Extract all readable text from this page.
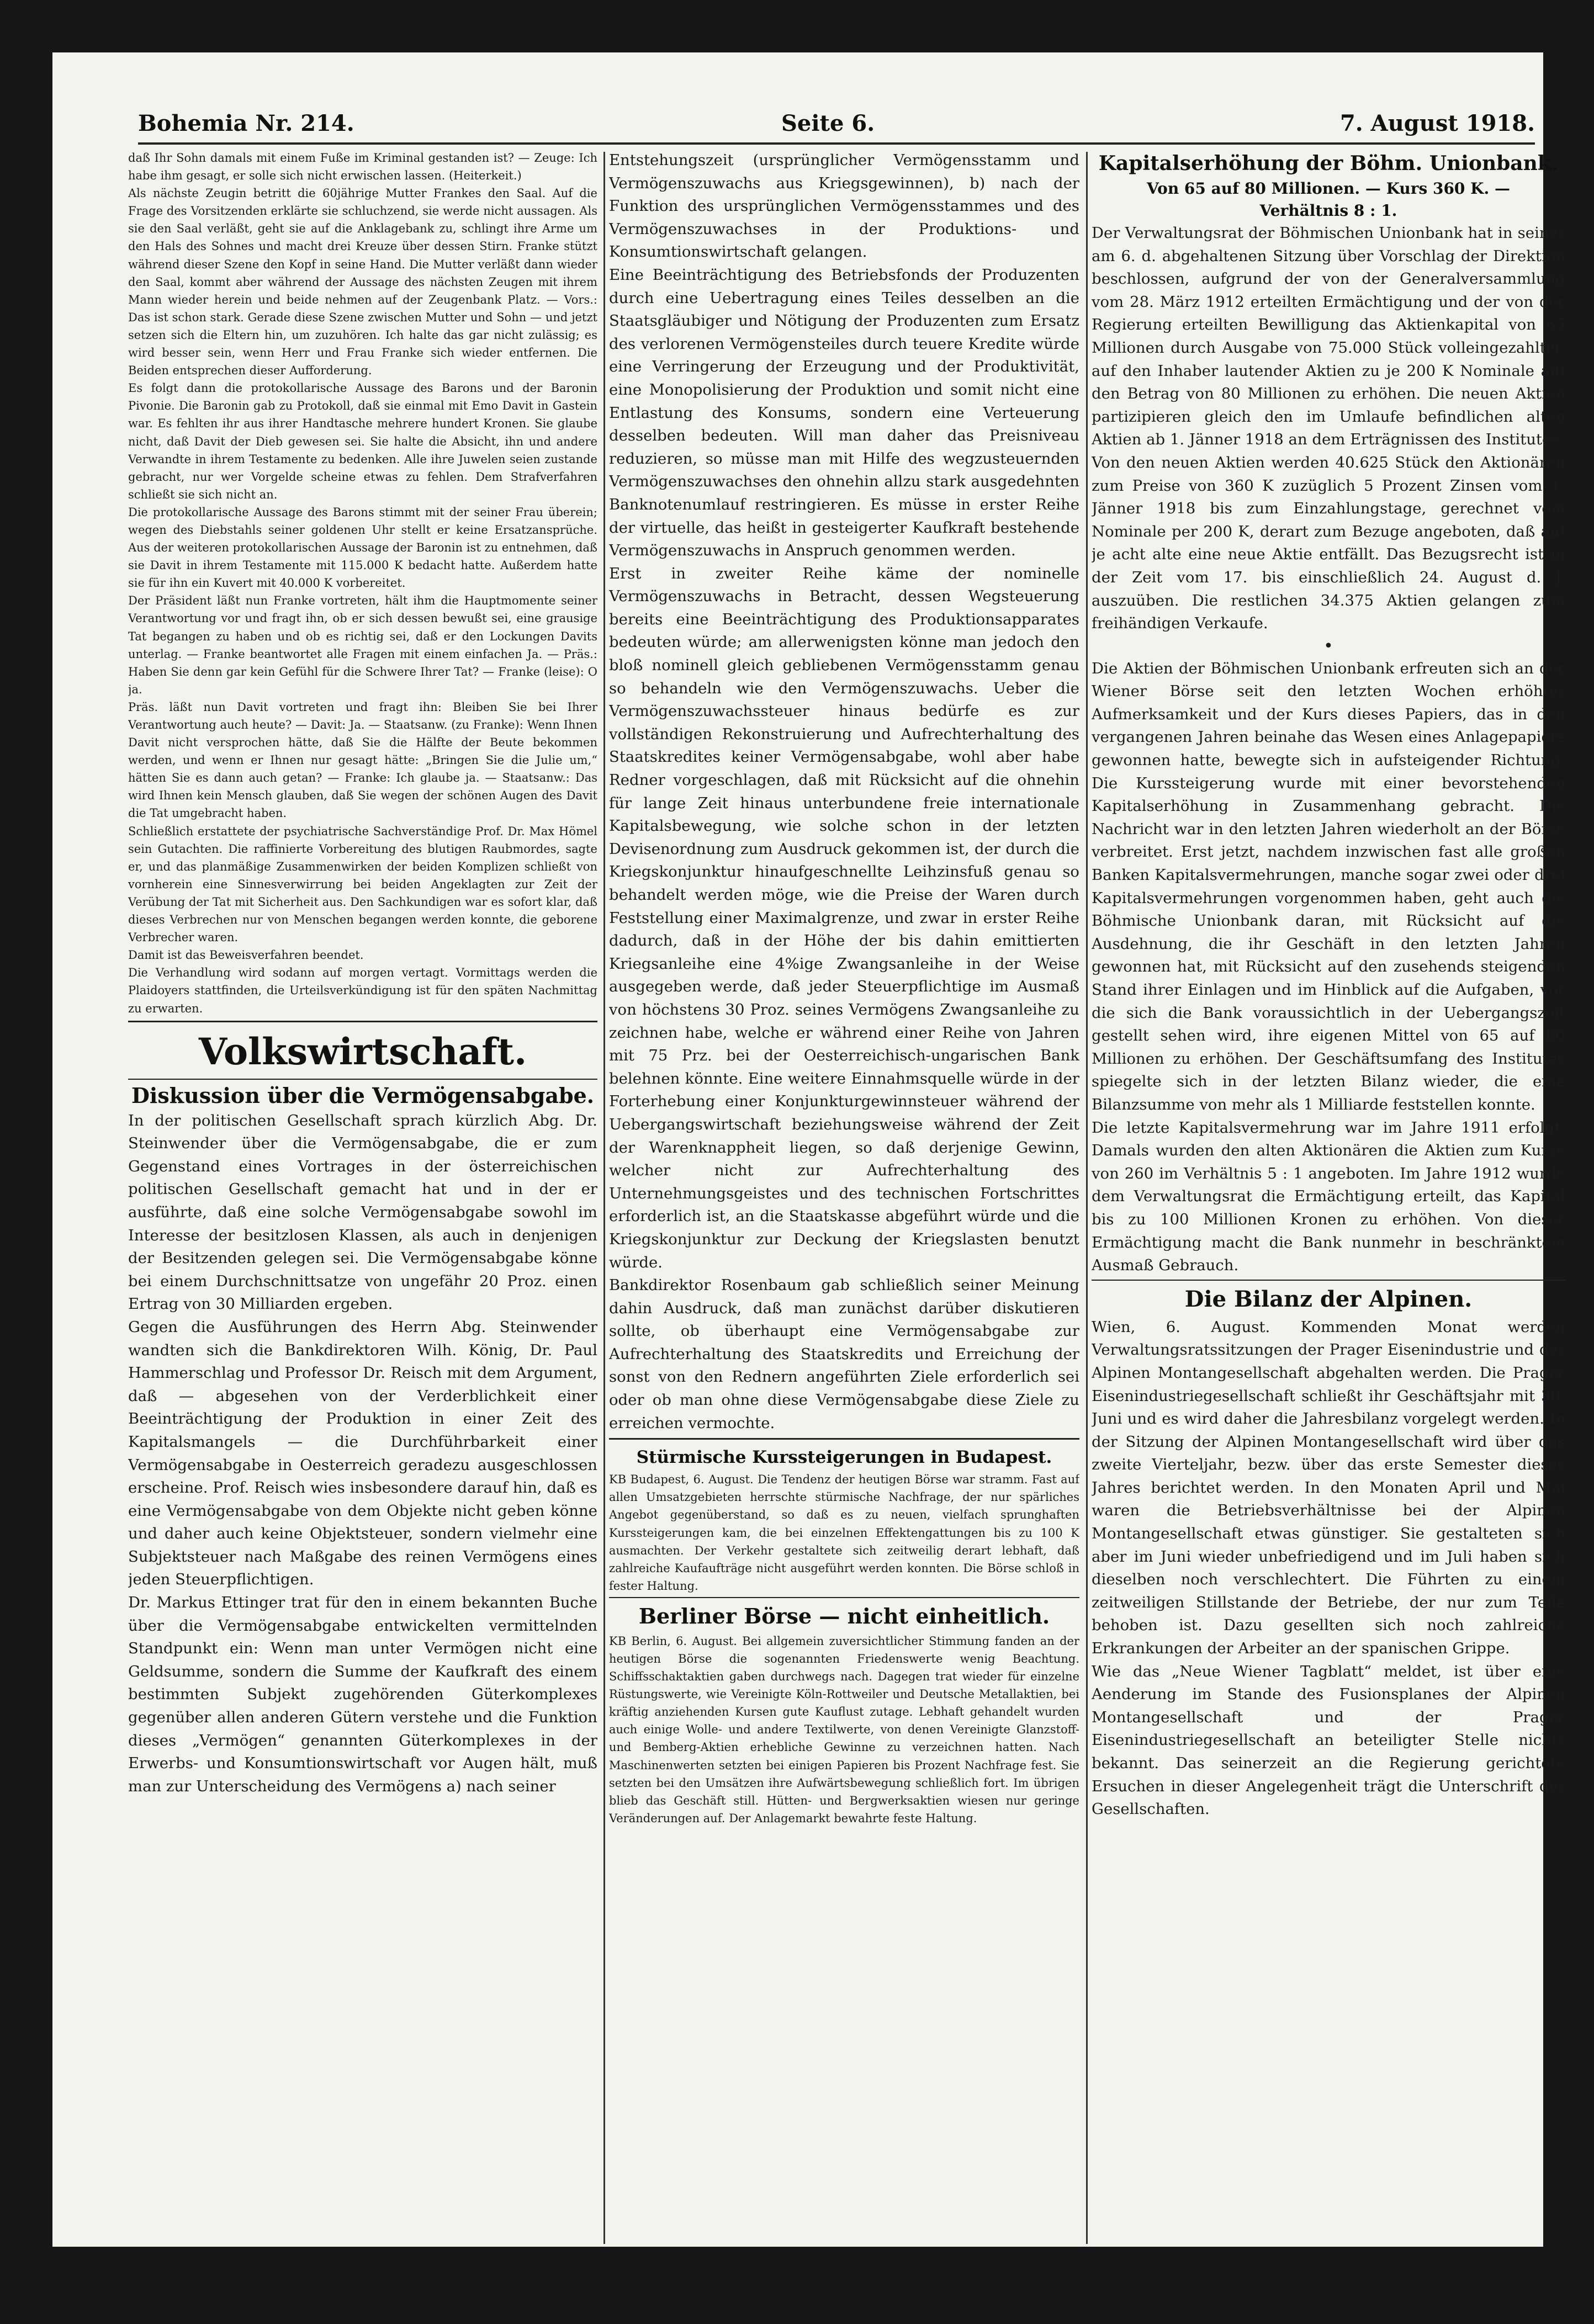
Bohemia Nr. 214.	Seite 6.	7. August 1918.

daß Ihr Sohn damals mit einem Fuße im Kriminal gestanden ist? — Zeuge: Ich habe ihm gesagt, er solle sich nicht erwischen lassen. (Heiterkeit.)
Als nächste Zeugin betritt die 60jährige Mutter Frankes den Saal. Auf die Frage des Vorsitzenden erklärte sie schluchzend, sie werde nicht aussagen. Als sie den Saal verläßt, geht sie auf die Anklagebank zu, schlingt ihre Arme um den Hals des Sohnes und macht drei Kreuze über dessen Stirn. Franke stützt während dieser Szene den Kopf in seine Hand. Die Mutter verläßt dann wieder den Saal, kommt aber während der Aussage des nächsten Zeugen mit ihrem Mann wieder herein und beide nehmen auf der Zeugenbank Platz. — Vors.: Das ist schon stark. Gerade diese Szene zwischen Mutter und Sohn — und jetzt setzen sich die Eltern hin, um zuzuhören. Ich halte das gar nicht zulässig; es wird besser sein, wenn Herr und Frau Franke sich wieder entfernen. Die Beiden entsprechen dieser Aufforderung.
Es folgt dann die protokollarische Aussage des Barons und der Baronin Pivonie. Die Baronin gab zu Protokoll, daß sie einmal mit Emo Davit in Gastein war. Es fehlten ihr aus ihrer Handtasche mehrere hundert Kronen. Sie glaube nicht, daß Davit der Dieb gewesen sei. Sie halte die Absicht, ihn und andere Verwandte in ihrem Testamente zu bedenken. Alle ihre Juwelen seien zustande gebracht, nur wer Vorgelde scheine etwas zu fehlen. Dem Strafverfahren schließt sie sich nicht an.
Die protokollarische Aussage des Barons stimmt mit der seiner Frau überein; wegen des Diebstahls seiner goldenen Uhr stellt er keine Ersatzansprüche. Aus der weiteren protokollarischen Aussage der Baronin ist zu entnehmen, daß sie Davit in ihrem Testamente mit 115.000 K bedacht hatte. Außerdem hatte sie für ihn ein Kuvert mit 40.000 K vorbereitet.
Der Präsident läßt nun Franke vortreten, hält ihm die Hauptmomente seiner Verantwortung vor und fragt ihn, ob er sich dessen bewußt sei, eine grausige Tat begangen zu haben und ob es richtig sei, daß er den Lockungen Davits unterlag. — Franke beantwortet alle Fragen mit einem einfachen Ja. — Präs.: Haben Sie denn gar kein Gefühl für die Schwere Ihrer Tat? — Franke (leise): O ja.
Präs. läßt nun Davit vortreten und fragt ihn: Bleiben Sie bei Ihrer Verantwortung auch heute? — Davit: Ja. — Staatsanw. (zu Franke): Wenn Ihnen Davit nicht versprochen hätte, daß Sie die Hälfte der Beute bekommen werden, und wenn er Ihnen nur gesagt hätte: „Bringen Sie die Julie um,“ hätten Sie es dann auch getan? — Franke: Ich glaube ja. — Staatsanw.: Das wird Ihnen kein Mensch glauben, daß Sie wegen der schönen Augen des Davit die Tat umgebracht haben.
Schließlich erstattete der psychiatrische Sachverständige Prof. Dr. Max Hömel sein Gutachten. Die raffinierte Vorbereitung des blutigen Raubmordes, sagte er, und das planmäßige Zusammenwirken der beiden Komplizen schließt von vornherein eine Sinnesverwirrung bei beiden Angeklagten zur Zeit der Verübung der Tat mit Sicherheit aus. Den Sachkundigen war es sofort klar, daß dieses Verbrechen nur von Menschen begangen werden konnte, die geborene Verbrecher waren.
Damit ist das Beweisverfahren beendet.
Die Verhandlung wird sodann auf morgen vertagt. Vormittags werden die Plaidoyers stattfinden, die Urteilsverkündigung ist für den späten Nachmittag zu erwarten.

Volkswirtschaft.

Diskussion über die Vermögensabgabe.

In der politischen Gesellschaft sprach kürzlich Abg. Dr. Steinwender über die Vermögensabgabe, die er zum Gegenstand eines Vortrages in der österreichischen politischen Gesellschaft gemacht hat und in der er ausführte, daß eine solche Vermögensabgabe sowohl im Interesse der besitzlosen Klassen, als auch in denjenigen der Besitzenden gelegen sei. Die Vermögensabgabe könne bei einem Durchschnittsatze von ungefähr 20 Proz. einen Ertrag von 30 Milliarden ergeben.
Gegen die Ausführungen des Herrn Abg. Steinwender wandten sich die Bankdirektoren Wilh. König, Dr. Paul Hammerschlag und Professor Dr. Reisch mit dem Argument, daß — abgesehen von der Verderblichkeit einer Beeinträchtigung der Produktion in einer Zeit des Kapitalsmangels — die Durchführbarkeit einer Vermögensabgabe in Oesterreich geradezu ausgeschlossen erscheine. Prof. Reisch wies insbesondere darauf hin, daß es eine Vermögensabgabe von dem Objekte nicht geben könne und daher auch keine Objektsteuer, sondern vielmehr eine Subjektsteuer nach Maßgabe des reinen Vermögens eines jeden Steuerpflichtigen.
Dr. Markus Ettinger trat für den in einem bekannten Buche über die Vermögensabgabe entwickelten vermittelnden Standpunkt ein: Wenn man unter Vermögen nicht eine Geldsumme, sondern die Summe der Kaufkraft des einem bestimmten Subjekt zugehörenden Güterkomplexes gegenüber allen anderen Gütern verstehe und die Funktion dieses „Vermögen“ genannten Güterkomplexes in der Erwerbs- und Konsumtionswirtschaft vor Augen hält, muß man zur Unterscheidung des Vermögens a) nach seiner

Entstehungszeit (ursprünglicher Vermögensstamm und Vermögenszuwachs aus Kriegsgewinnen), b) nach der Funktion des ursprünglichen Vermögensstammes und des Vermögenszuwachses in der Produktions- und Konsumtionswirtschaft gelangen.
Eine Beeinträchtigung des Betriebsfonds der Produzenten durch eine Uebertragung eines Teiles desselben an die Staatsgläubiger und Nötigung der Produzenten zum Ersatz des verlorenen Vermögensteiles durch teuere Kredite würde eine Verringerung der Erzeugung und der Produktivität, eine Monopolisierung der Produktion und somit nicht eine Entlastung des Konsums, sondern eine Verteuerung desselben bedeuten. Will man daher das Preisniveau reduzieren, so müsse man mit Hilfe des wegzusteuernden Vermögenszuwachses den ohnehin allzu stark ausgedehnten Banknotenumlauf restringieren. Es müsse in erster Reihe der virtuelle, das heißt in gesteigerter Kaufkraft bestehende Vermögenszuwachs in Anspruch genommen werden.
Erst in zweiter Reihe käme der nominelle Vermögenszuwachs in Betracht, dessen Wegsteuerung bereits eine Beeinträchtigung des Produktionsapparates bedeuten würde; am allerwenigsten könne man jedoch den bloß nominell gleich gebliebenen Vermögensstamm genau so behandeln wie den Vermögenszuwachs. Ueber die Vermögenszuwachssteuer hinaus bedürfe es zur vollständigen Rekonstruierung und Aufrechterhaltung des Staatskredites keiner Vermögensabgabe, wohl aber habe Redner vorgeschlagen, daß mit Rücksicht auf die ohnehin für lange Zeit hinaus unterbundene freie internationale Kapitalsbewegung, wie solche schon in der letzten Devisenordnung zum Ausdruck gekommen ist, der durch die Kriegskonjunktur hinaufgeschnellte Leihzinsfuß genau so behandelt werden möge, wie die Preise der Waren durch Feststellung einer Maximalgrenze, und zwar in erster Reihe dadurch, daß in der Höhe der bis dahin emittierten Kriegsanleihe eine 4%ige Zwangsanleihe in der Weise ausgegeben werde, daß jeder Steuerpflichtige im Ausmaß von höchstens 30 Proz. seines Vermögens Zwangsanleihe zu zeichnen habe, welche er während einer Reihe von Jahren mit 75 Prz. bei der Oesterreichisch-ungarischen Bank belehnen könnte. Eine weitere Einnahmsquelle würde in der Forterhebung einer Konjunkturgewinnsteuer während der Uebergangswirtschaft beziehungsweise während der Zeit der Warenknappheit liegen, so daß derjenige Gewinn, welcher nicht zur Aufrechterhaltung des Unternehmungsgeistes und des technischen Fortschrittes erforderlich ist, an die Staatskasse abgeführt würde und die Kriegskonjunktur zur Deckung der Kriegslasten benutzt würde.
Bankdirektor Rosenbaum gab schließlich seiner Meinung dahin Ausdruck, daß man zunächst darüber diskutieren sollte, ob überhaupt eine Vermögensabgabe zur Aufrechterhaltung des Staatskredits und Erreichung der sonst von den Rednern angeführten Ziele erforderlich sei oder ob man ohne diese Vermögensabgabe diese Ziele zu erreichen vermochte.

Stürmische Kurssteigerungen in Budapest.

KB Budapest, 6. August. Die Tendenz der heutigen Börse war stramm. Fast auf allen Umsatzgebieten herrschte stürmische Nachfrage, der nur spärliches Angebot gegenüberstand, so daß es zu neuen, vielfach sprunghaften Kurssteigerungen kam, die bei einzelnen Effektengattungen bis zu 100 K ausmachten. Der Verkehr gestaltete sich zeitweilig derart lebhaft, daß zahlreiche Kaufaufträge nicht ausgeführt werden konnten. Die Börse schloß in fester Haltung.

Berliner Börse — nicht einheitlich.

KB Berlin, 6. August. Bei allgemein zuversichtlicher Stimmung fanden an der heutigen Börse die sogenannten Friedenswerte wenig Beachtung. Schiffsschaktaktien gaben durchwegs nach. Dagegen trat wieder für einzelne Rüstungswerte, wie Vereinigte Köln-Rottweiler und Deutsche Metallaktien, bei kräftig anziehenden Kursen gute Kauflust zutage. Lebhaft gehandelt wurden auch einige Wolle- und andere Textilwerte, von denen Vereinigte Glanzstoff- und Bemberg-Aktien erhebliche Gewinne zu verzeichnen hatten. Nach Maschinenwerten setzten bei einigen Papieren bis Prozent Nachfrage fest. Sie setzten bei den Umsätzen ihre Aufwärtsbewegung schließlich fort. Im übrigen blieb das Geschäft still. Hütten- und Bergwerksaktien wiesen nur geringe Veränderungen auf. Der Anlagemarkt bewahrte feste Haltung.

Kapitalserhöhung der Böhm. Unionbank.

Von 65 auf 80 Millionen. — Kurs 360 K. —
Verhältnis 8 : 1.

Der Verwaltungsrat der Böhmischen Unionbank hat in seiner am 6. d. abgehaltenen Sitzung über Vorschlag der Direktion beschlossen, aufgrund der von der Generalversammlung vom 28. März 1912 erteilten Ermächtigung und der von der Regierung erteilten Bewilligung das Aktienkapital von 65 Millionen durch Ausgabe von 75.000 Stück volleingezahlter, auf den Inhaber lautender Aktien zu je 200 K Nominale auf den Betrag von 80 Millionen zu erhöhen. Die neuen Aktien partizipieren gleich den im Umlaufe befindlichen alten Aktien ab 1. Jänner 1918 an dem Erträgnissen des Institutes.
Von den neuen Aktien werden 40.625 Stück den Aktionären zum Preise von 360 K zuzüglich 5 Prozent Zinsen vom 1. Jänner 1918 bis zum Einzahlungstage, gerechnet vom Nominale per 200 K, derart zum Bezuge angeboten, daß auf je acht alte eine neue Aktie entfällt. Das Bezugsrecht ist in der Zeit vom 17. bis einschließlich 24. August d. J. auszuüben. Die restlichen 34.375 Aktien gelangen zum freihändigen Verkaufe.

•

Die Aktien der Böhmischen Unionbank erfreuten sich an der Wiener Börse seit den letzten Wochen erhöhter Aufmerksamkeit und der Kurs dieses Papiers, das in den vergangenen Jahren beinahe das Wesen eines Anlagepapiers gewonnen hatte, bewegte sich in aufsteigender Richtung. Die Kurssteigerung wurde mit einer bevorstehenden Kapitalserhöhung in Zusammenhang gebracht. Die Nachricht war in den letzten Jahren wiederholt an der Börse verbreitet. Erst jetzt, nachdem inzwischen fast alle großen Banken Kapitalsvermehrungen, manche sogar zwei oder drei Kapitalsvermehrungen vorgenommen haben, geht auch die Böhmische Unionbank daran, mit Rücksicht auf die Ausdehnung, die ihr Geschäft in den letzten Jahren gewonnen hat, mit Rücksicht auf den zusehends steigenden Stand ihrer Einlagen und im Hinblick auf die Aufgaben, vor die sich die Bank voraussichtlich in der Uebergangszeit gestellt sehen wird, ihre eigenen Mittel von 65 auf 80 Millionen zu erhöhen. Der Geschäftsumfang des Institutes spiegelte sich in der letzten Bilanz wieder, die eine Bilanzsumme von mehr als 1 Milliarde feststellen konnte.
Die letzte Kapitalsvermehrung war im Jahre 1911 erfolgt. Damals wurden den alten Aktionären die Aktien zum Kurse von 260 im Verhältnis 5 : 1 angeboten. Im Jahre 1912 wurde dem Verwaltungsrat die Ermächtigung erteilt, das Kapital bis zu 100 Millionen Kronen zu erhöhen. Von dieser Ermächtigung macht die Bank nunmehr in beschränktem Ausmaß Gebrauch.

Die Bilanz der Alpinen.

Wien, 6. August. Kommenden Monat werden Verwaltungsratssitzungen der Prager Eisenindustrie und der Alpinen Montangesellschaft abgehalten werden. Die Prager Eisenindustriegesellschaft schließt ihr Geschäftsjahr mit 30. Juni und es wird daher die Jahresbilanz vorgelegt werden. In der Sitzung der Alpinen Montangesellschaft wird über das zweite Vierteljahr, bezw. über das erste Semester dieses Jahres berichtet werden. In den Monaten April und Mai waren die Betriebsverhältnisse bei der Alpinen Montangesellschaft etwas günstiger. Sie gestalteten sich aber im Juni wieder unbefriedigend und im Juli haben sich dieselben noch verschlechtert. Die Führten zu einem zeitweiligen Stillstande der Betriebe, der nur zum Teile behoben ist. Dazu gesellten sich noch zahlreiche Erkrankungen der Arbeiter an der spanischen Grippe.
Wie das „Neue Wiener Tagblatt“ meldet, ist über eine Aenderung im Stande des Fusionsplanes der Alpinen Montangesellschaft und der Prager Eisenindustriegesellschaft an beteiligter Stelle nichts bekannt. Das seinerzeit an die Regierung gerichtete Ersuchen in dieser Angelegenheit trägt die Unterschrift der Gesellschaften.
